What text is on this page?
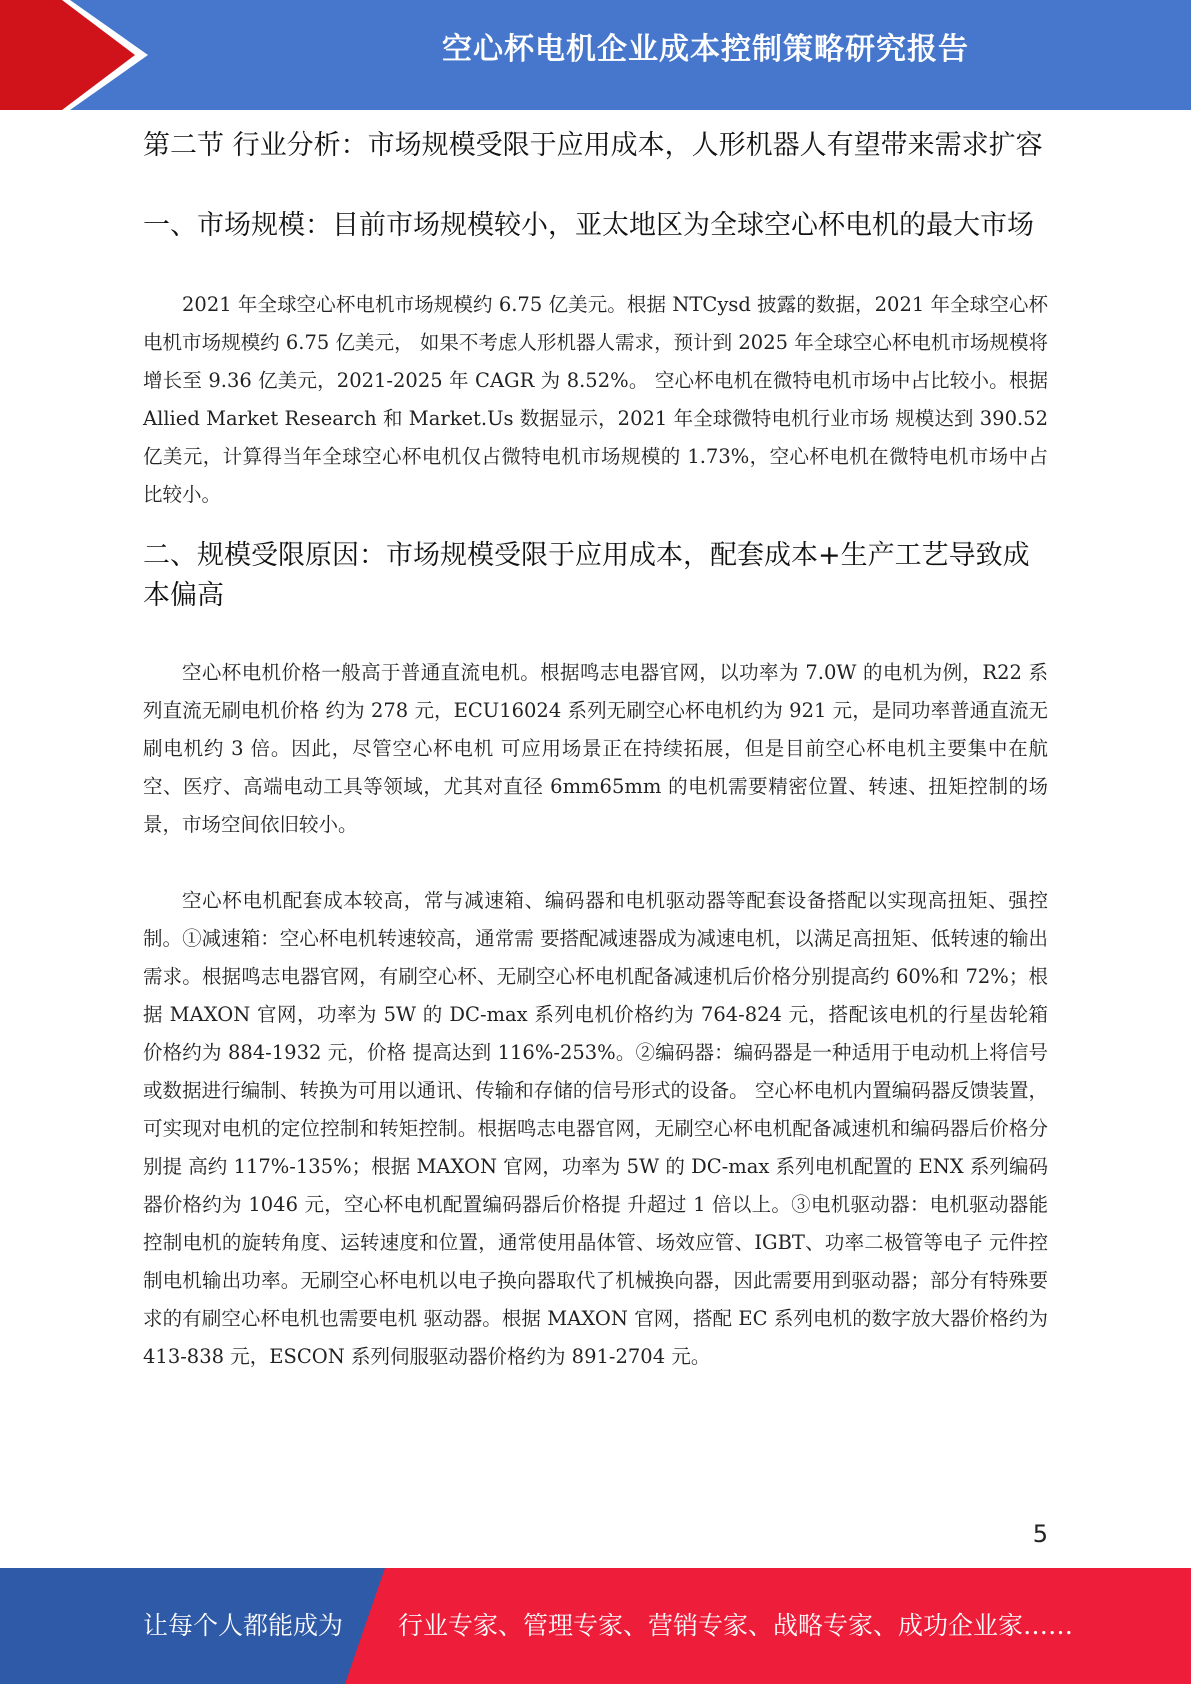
空心杯电机企业成本控制策略研究报告
第二节 行业分析：市场规模受限于应用成本，人形机器人有望带来需求扩容
一、市场规模：目前市场规模较小，亚太地区为全球空心杯电机的最大市场

2021 年全球空心杯电机市场规模约 6.75 亿美元。根据 NTCysd 披露的数据，2021 年全球空心杯电机市场规模约 6.75 亿美元， 如果不考虑人形机器人需求，预计到 2025 年全球空心杯电机市场规模将增长至 9.36 亿美元，2021-2025 年 CAGR 为 8.52%。 空心杯电机在微特电机市场中占比较小。根据 Allied Market Research 和 Market.Us 数据显示，2021 年全球微特电机行业市场 规模达到 390.52 亿美元，计算得当年全球空心杯电机仅占微特电机市场规模的 1.73%，空心杯电机在微特电机市场中占比较小。

二、规模受限原因：市场规模受限于应用成本，配套成本+生产工艺导致成本偏高

空心杯电机价格一般高于普通直流电机。根据鸣志电器官网，以功率为 7.0W 的电机为例，R22 系列直流无刷电机价格 约为 278 元，ECU16024 系列无刷空心杯电机约为 921 元，是同功率普通直流无刷电机约 3 倍。因此，尽管空心杯电机 可应用场景正在持续拓展，但是目前空心杯电机主要集中在航空、医疗、高端电动工具等领域，尤其对直径 6mm65mm 的电机需要精密位置、转速、扭矩控制的场景，市场空间依旧较小。

空心杯电机配套成本较高，常与减速箱、编码器和电机驱动器等配套设备搭配以实现高扭矩、强控制。①减速箱：空心杯电机转速较高，通常需 要搭配减速器成为减速电机，以满足高扭矩、低转速的输出需求。根据鸣志电器官网，有刷空心杯、无刷空心杯电机配备减速机后价格分别提高约 60%和 72%；根据 MAXON 官网，功率为 5W 的 DC-max 系列电机价格约为 764-824 元，搭配该电机的行星齿轮箱价格约为 884-1932 元，价格 提高达到 116%-253%。②编码器：编码器是一种适用于电动机上将信号或数据进行编制、转换为可用以通讯、传输和存储的信号形式的设备。 空心杯电机内置编码器反馈装置，可实现对电机的定位控制和转矩控制。根据鸣志电器官网，无刷空心杯电机配备减速机和编码器后价格分别提 高约 117%-135%；根据 MAXON 官网，功率为 5W 的 DC-max 系列电机配置的 ENX 系列编码器价格约为 1046 元，空心杯电机配置编码器后价格提 升超过 1 倍以上。③电机驱动器：电机驱动器能控制电机的旋转角度、运转速度和位置，通常使用晶体管、场效应管、IGBT、功率二极管等电子 元件控制电机输出功率。无刷空心杯电机以电子换向器取代了机械换向器，因此需要用到驱动器；部分有特殊要求的有刷空心杯电机也需要电机 驱动器。根据 MAXON 官网，搭配 EC 系列电机的数字放大器价格约为 413-838 元，ESCON 系列伺服驱动器价格约为 891-2704 元。

5
让每个人都能成为 行业专家、管理专家、营销专家、战略专家、成功企业家……
